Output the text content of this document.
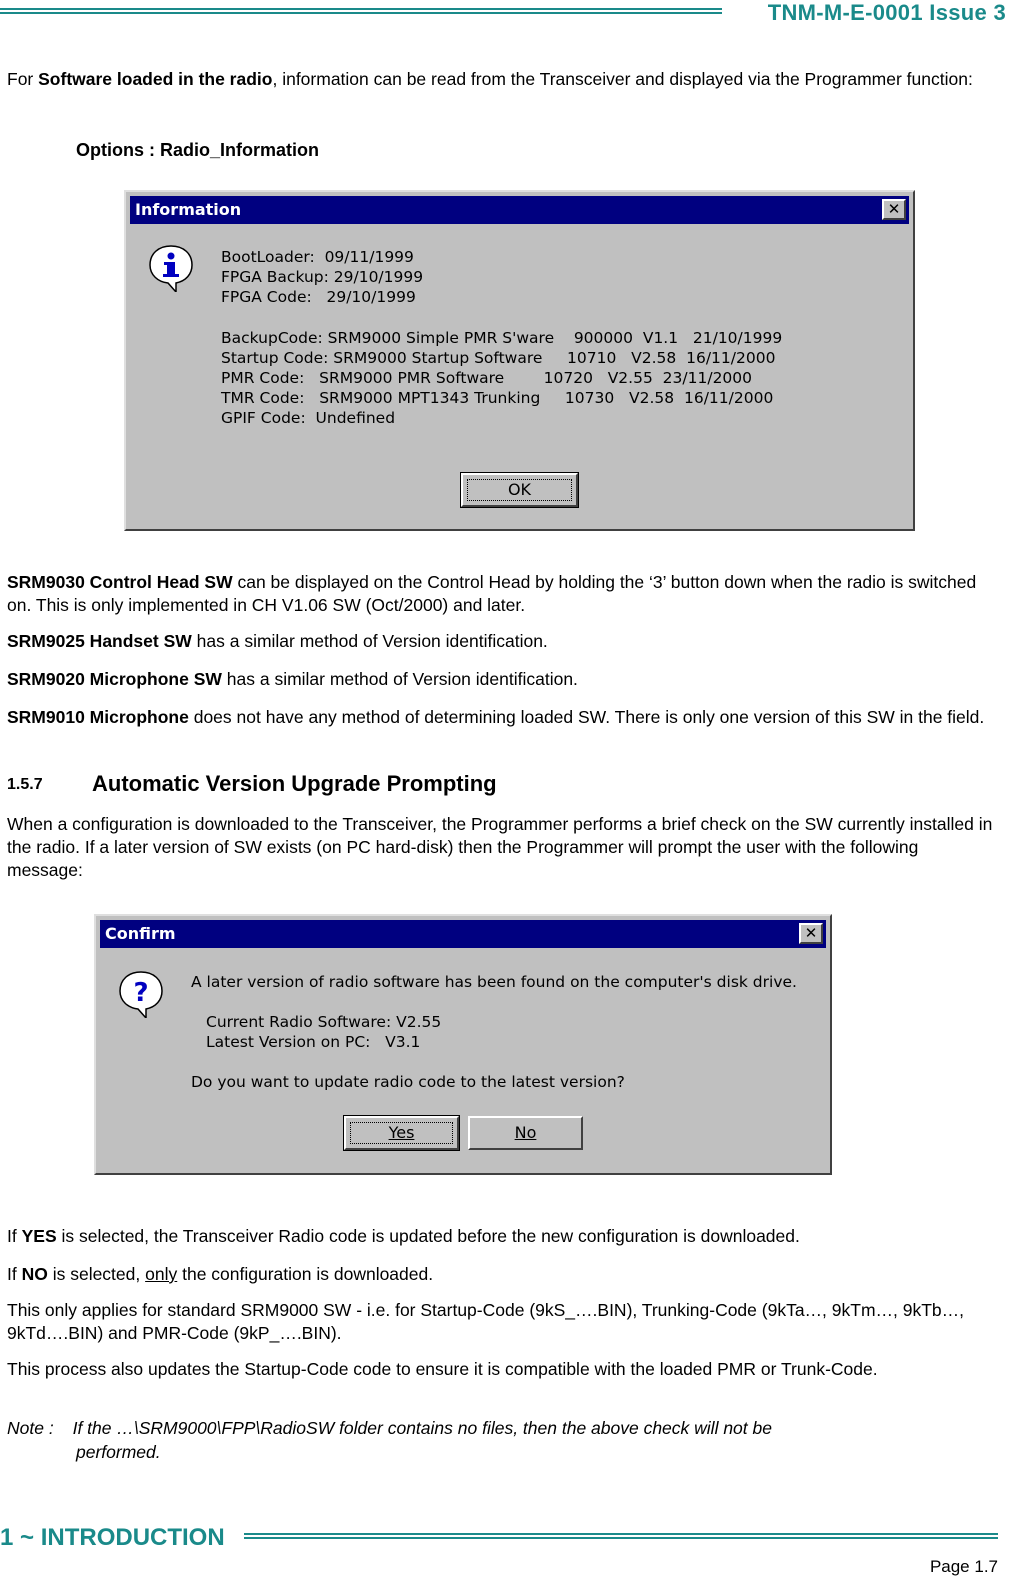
TNM-M-E-0001 Issue 3
For Software loaded in the radio, information can be read from the Transceiver and displayed via the Programmer function:
Options : Radio_Information
Information	✕
BootLoader:  09/11/1999
FPGA Backup: 29/10/1999
FPGA Code:   29/10/1999
BackupCode: SRM9000 Simple PMR S'ware    900000  V1.1   21/10/1999
Startup Code: SRM9000 Startup Software     10710   V2.58  16/11/2000
PMR Code:   SRM9000 PMR Software        10720   V2.55  23/11/2000
TMR Code:   SRM9000 MPT1343 Trunking     10730   V2.58  16/11/2000
GPIF Code:  Undefined
OK
SRM9030 Control Head SW can be displayed on the Control Head by holding the ‘3’ button down when the radio is switched on. This is only implemented in CH V1.06 SW (Oct/2000) and later.
SRM9025 Handset SW has a similar method of Version identification.
SRM9020 Microphone SW has a similar method of Version identification.
SRM9010 Microphone does not have any method of determining loaded SW. There is only one version of this SW in the field.
1.5.7 Automatic Version Upgrade Prompting
When a configuration is downloaded to the Transceiver, the Programmer performs a brief check on the SW currently installed in the radio. If a later version of SW exists (on PC hard-disk) then the Programmer will prompt the user with the following message:
Confirm	✕
?	A later version of radio software has been found on the computer's disk drive.
Current Radio Software: V2.55
Latest Version on PC:   V3.1
Do you want to update radio code to the latest version?
Yes	No
If YES is selected, the Transceiver Radio code is updated before the new configuration is downloaded.
If NO is selected, only the configuration is downloaded.
This only applies for standard SRM9000 SW - i.e. for Startup-Code (9kS_….BIN), Trunking-Code (9kTa…, 9kTm…, 9kTb…, 9kTd….BIN) and PMR-Code (9kP_….BIN).
This process also updates the Startup-Code code to ensure it is compatible with the loaded PMR or Trunk-Code.
Note : If the …\SRM9000\FPP\RadioSW folder contains no files, then the above check will not be
performed.
1 ~ INTRODUCTION
Page 1.7
